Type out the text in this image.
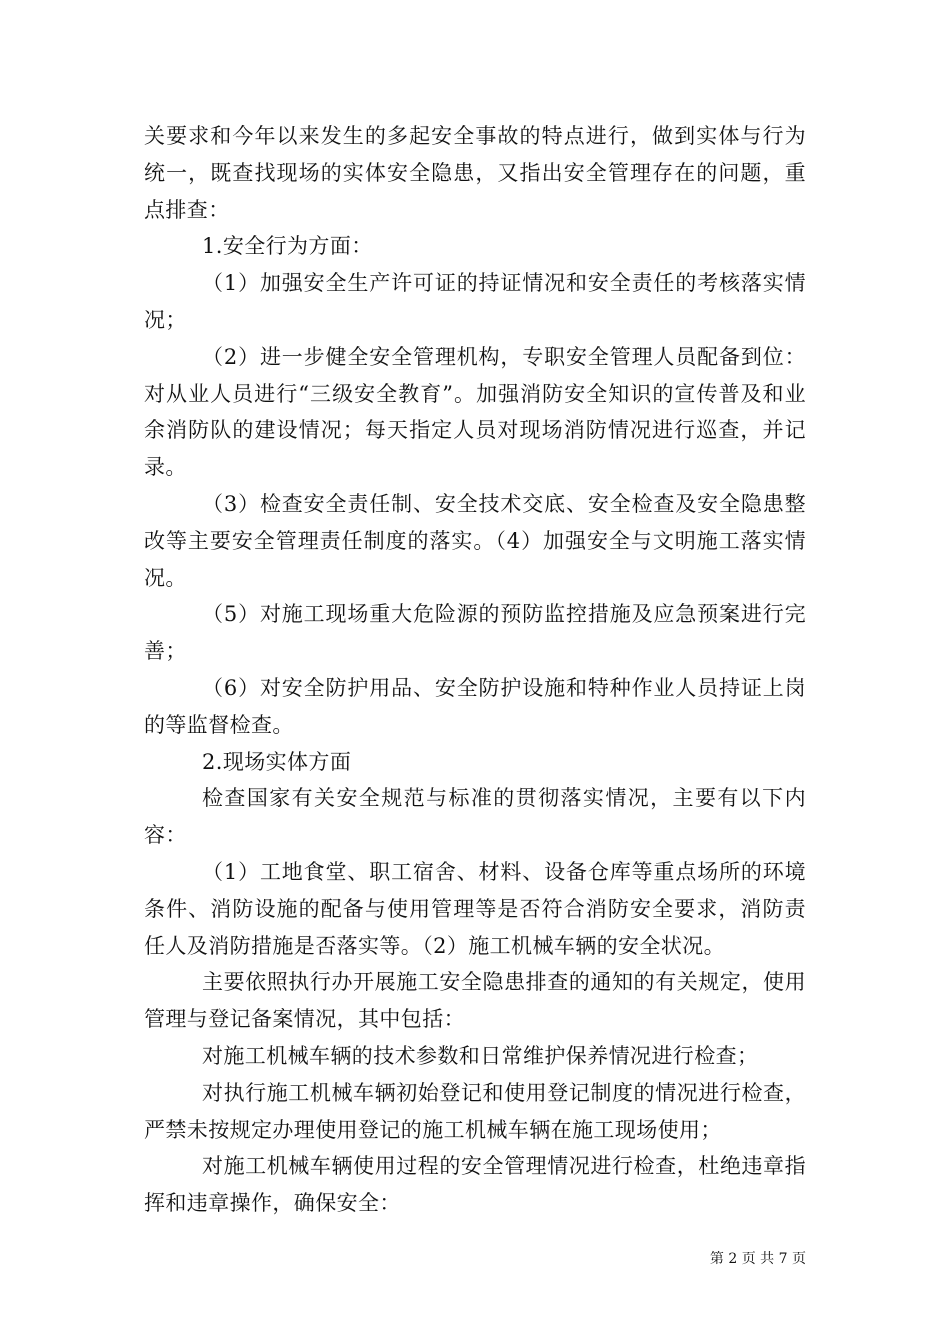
关要求和今年以来发生的多起安全事故的特点进行，做到实体与行为统一，既查找现场的实体安全隐患，又指出安全管理存在的问题，重点排查：

1.安全行为方面：

（1）加强安全生产许可证的持证情况和安全责任的考核落实情况；

（2）进一步健全安全管理机构，专职安全管理人员配备到位：对从业人员进行“三级安全教育”。加强消防安全知识的宣传普及和业余消防队的建设情况；每天指定人员对现场消防情况进行巡查，并记录。

（3）检查安全责任制、安全技术交底、安全检查及安全隐患整改等主要安全管理责任制度的落实。（4）加强安全与文明施工落实情况。

（5）对施工现场重大危险源的预防监控措施及应急预案进行完善；

（6）对安全防护用品、安全防护设施和特种作业人员持证上岗的等监督检查。

2.现场实体方面

检查国家有关安全规范与标准的贯彻落实情况，主要有以下内容：

（1）工地食堂、职工宿舍、材料、设备仓库等重点场所的环境条件、消防设施的配备与使用管理等是否符合消防安全要求，消防责任人及消防措施是否落实等。（2）施工机械车辆的安全状况。

主要依照执行办开展施工安全隐患排查的通知的有关规定，使用管理与登记备案情况，其中包括：

对施工机械车辆的技术参数和日常维护保养情况进行检查；

对执行施工机械车辆初始登记和使用登记制度的情况进行检查，严禁未按规定办理使用登记的施工机械车辆在施工现场使用；

对施工机械车辆使用过程的安全管理情况进行检查，杜绝违章指挥和违章操作，确保安全：

第 2 页 共 7 页
